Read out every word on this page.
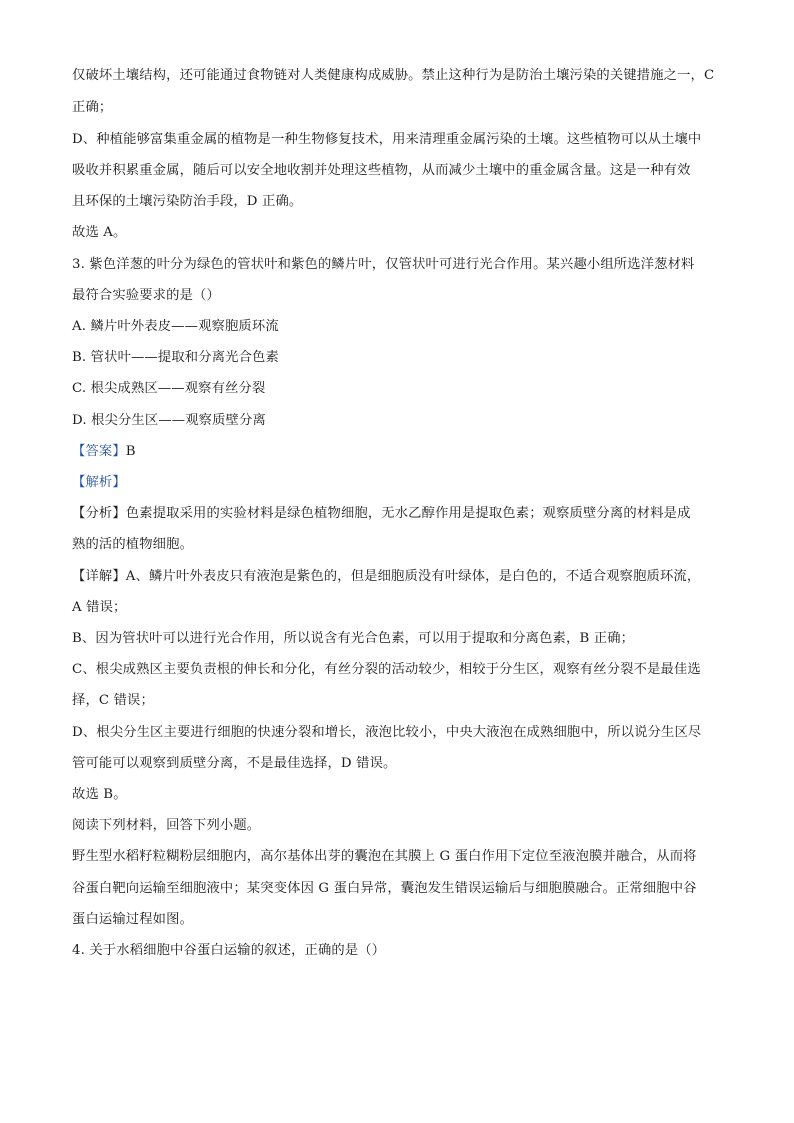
仅破坏土壤结构，还可能通过食物链对人类健康构成威胁。禁止这种行为是防治土壤污染的关键措施之一，C
正确；
D、种植能够富集重金属的植物是一种生物修复技术，用来清理重金属污染的土壤。这些植物可以从土壤中
吸收并积累重金属，随后可以安全地收割并处理这些植物，从而减少土壤中的重金属含量。这是一种有效
且环保的土壤污染防治手段，D 正确。
故选 A。
3. 紫色洋葱的叶分为绿色的管状叶和紫色的鳞片叶，仅管状叶可进行光合作用。某兴趣小组所选洋葱材料
最符合实验要求的是（）
A. 鳞片叶外表皮——观察胞质环流
B. 管状叶——提取和分离光合色素
C. 根尖成熟区——观察有丝分裂
D. 根尖分生区——观察质壁分离
【答案】B
【解析】
【分析】色素提取采用的实验材料是绿色植物细胞，无水乙醇作用是提取色素；观察质壁分离的材料是成
熟的活的植物细胞。
【详解】A、鳞片叶外表皮只有液泡是紫色的，但是细胞质没有叶绿体，是白色的，不适合观察胞质环流，
A 错误；
B、因为管状叶可以进行光合作用，所以说含有光合色素，可以用于提取和分离色素，B 正确；
C、根尖成熟区主要负责根的伸长和分化，有丝分裂的活动较少，相较于分生区，观察有丝分裂不是最佳选
择，C 错误；
D、根尖分生区主要进行细胞的快速分裂和增长，液泡比较小，中央大液泡在成熟细胞中，所以说分生区尽
管可能可以观察到质壁分离，不是最佳选择，D 错误。
故选 B。
阅读下列材料，回答下列小题。
野生型水稻籽粒糊粉层细胞内，高尔基体出芽的囊泡在其膜上 G 蛋白作用下定位至液泡膜并融合，从而将
谷蛋白靶向运输至细胞液中；某突变体因 G 蛋白异常，囊泡发生错误运输后与细胞膜融合。正常细胞中谷
蛋白运输过程如图。
4. 关于水稻细胞中谷蛋白运输的叙述，正确的是（）
